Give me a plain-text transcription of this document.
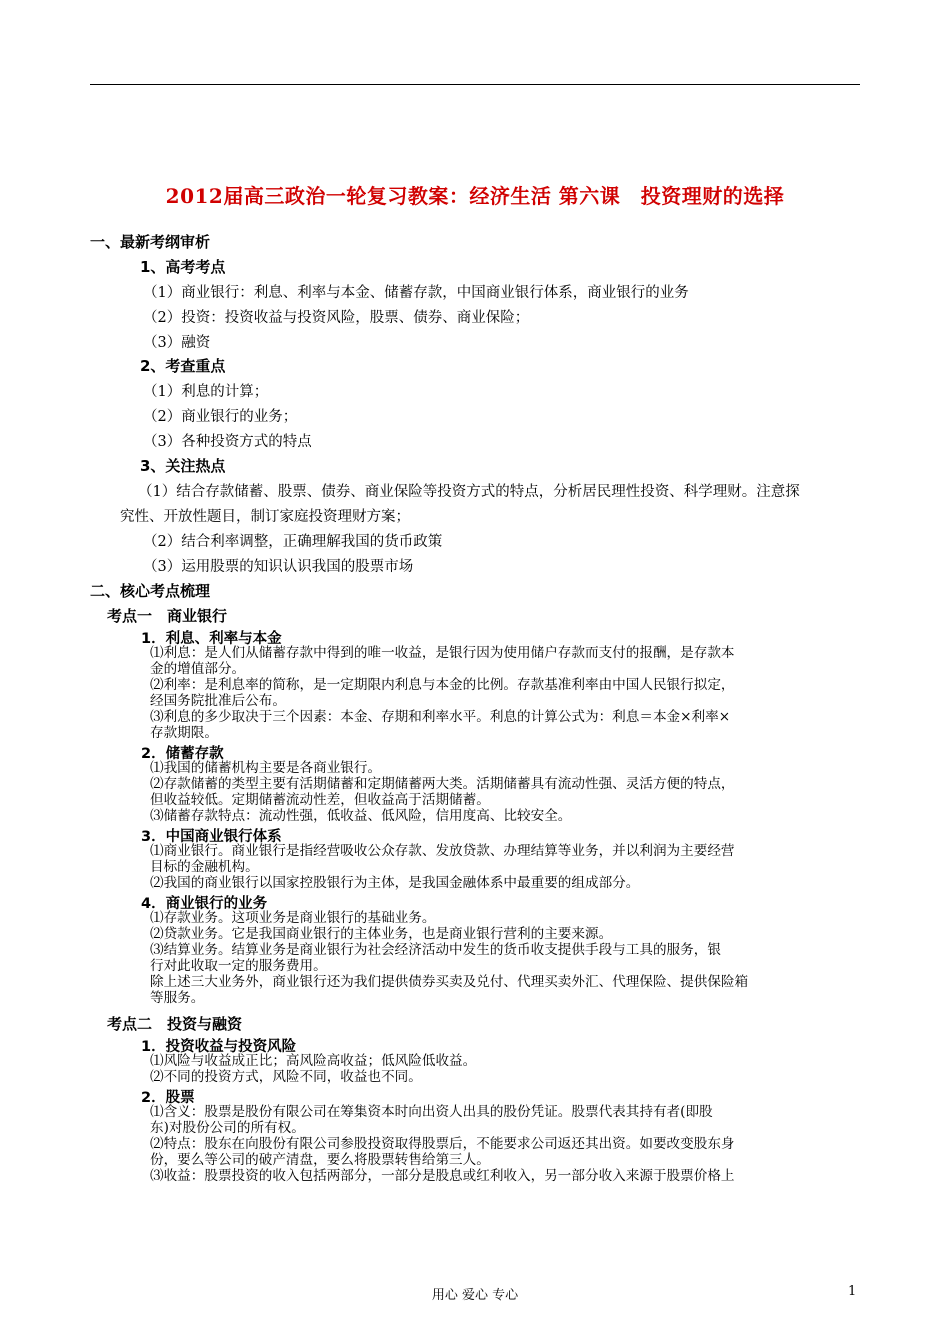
2012届高三政治一轮复习教案：经济生活 第六课　投资理财的选择
一、最新考纲审析
1、高考考点
（1）商业银行：利息、利率与本金、储蓄存款，中国商业银行体系，商业银行的业务
（2）投资：投资收益与投资风险，股票、债券、商业保险；
（3）融资
2、考查重点
（1）利息的计算；
（2）商业银行的业务；
（3）各种投资方式的特点
3、关注热点
（1）结合存款储蓄、股票、债券、商业保险等投资方式的特点，分析居民理性投资、科学理财。注意探
究性、开放性题目，制订家庭投资理财方案；
（2）结合利率调整，正确理解我国的货币政策
（3）运用股票的知识认识我国的股票市场
二、核心考点梳理
考点一　商业银行
1．利息、利率与本金
⑴利息：是人们从储蓄存款中得到的唯一收益，是银行因为使用储户存款而支付的报酬，是存款本
金的增值部分。
⑵利率：是利息率的简称，是一定期限内利息与本金的比例。存款基准利率由中国人民银行拟定，
经国务院批准后公布。
⑶利息的多少取决于三个因素：本金、存期和利率水平。利息的计算公式为：利息＝本金×利率×
存款期限。
2．储蓄存款
⑴我国的储蓄机构主要是各商业银行。
⑵存款储蓄的类型主要有活期储蓄和定期储蓄两大类。活期储蓄具有流动性强、灵活方便的特点，
但收益较低。定期储蓄流动性差，但收益高于活期储蓄。
⑶储蓄存款特点：流动性强，低收益、低风险，信用度高、比较安全。
3．中国商业银行体系
⑴商业银行。商业银行是指经营吸收公众存款、发放贷款、办理结算等业务，并以利润为主要经营
目标的金融机构。
⑵我国的商业银行以国家控股银行为主体，是我国金融体系中最重要的组成部分。
4．商业银行的业务
⑴存款业务。这项业务是商业银行的基础业务。
⑵贷款业务。它是我国商业银行的主体业务，也是商业银行营利的主要来源。
⑶结算业务。结算业务是商业银行为社会经济活动中发生的货币收支提供手段与工具的服务，银
行对此收取一定的服务费用。
除上述三大业务外，商业银行还为我们提供债券买卖及兑付、代理买卖外汇、代理保险、提供保险箱
等服务。
考点二　投资与融资
1．投资收益与投资风险
⑴风险与收益成正比；高风险高收益；低风险低收益。
⑵不同的投资方式，风险不同，收益也不同。
2．股票
⑴含义：股票是股份有限公司在筹集资本时向出资人出具的股份凭证。股票代表其持有者(即股
东)对股份公司的所有权。
⑵特点：股东在向股份有限公司参股投资取得股票后，不能要求公司返还其出资。如要改变股东身
份，要么等公司的破产清盘，要么将股票转售给第三人。
⑶收益：股票投资的收入包括两部分，一部分是股息或红利收入，另一部分收入来源于股票价格上
用心 爱心 专心	1
